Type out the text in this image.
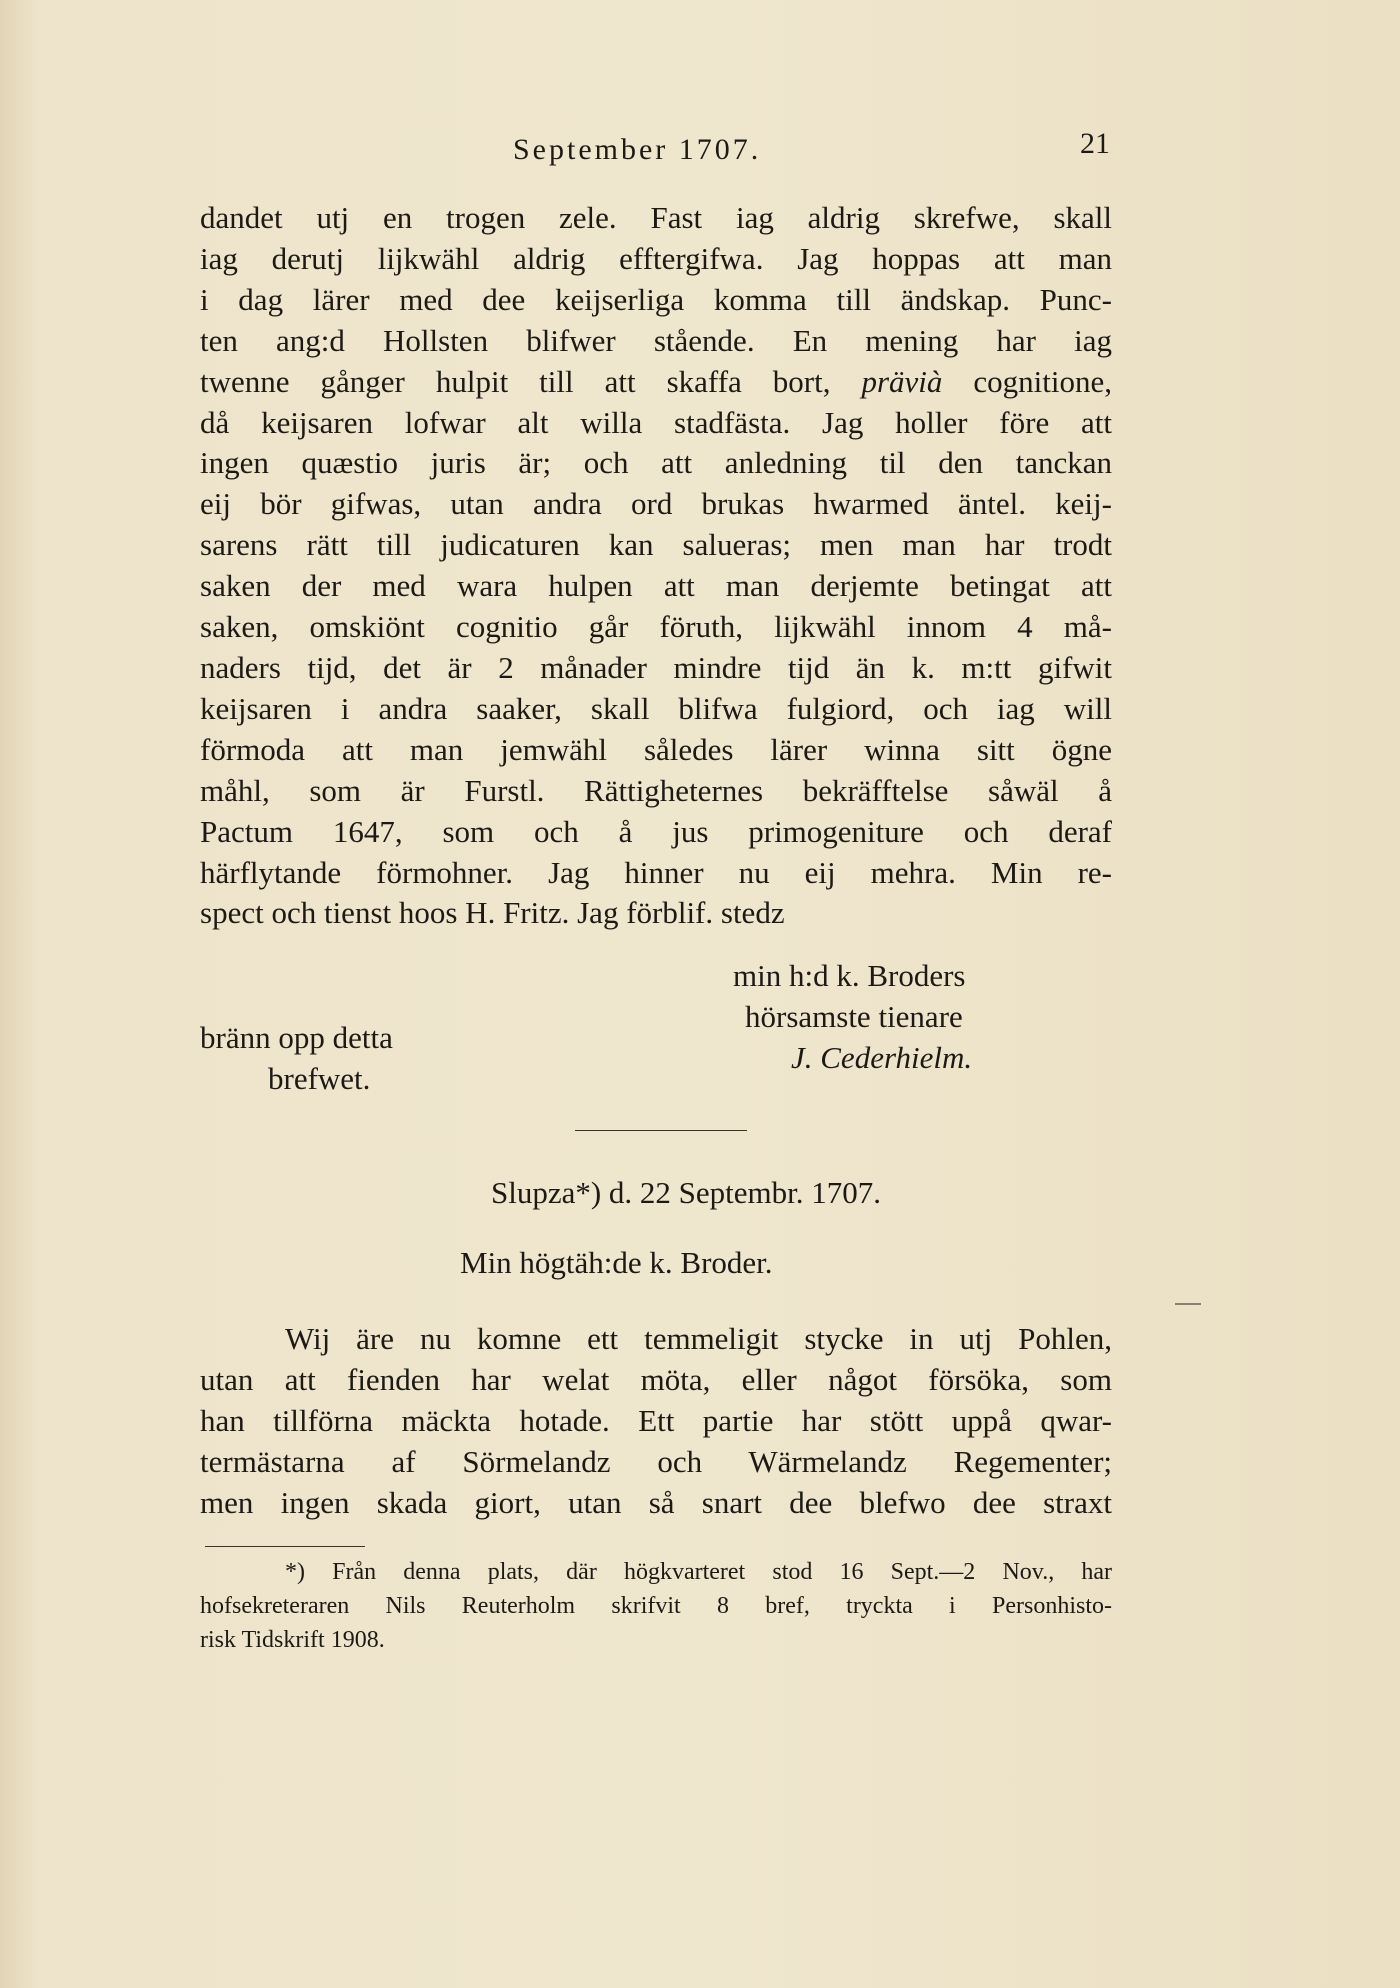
September 1707.	21
dandet utj en trogen zele. Fast iag aldrig skrefwe, skall
iag derutj lijkwähl aldrig efftergifwa. Jag hoppas att man
i dag lärer med dee keijserliga komma till ändskap. Punc-
ten ang:d Hollsten blifwer stående. En mening har iag
twenne gånger hulpit till att skaffa bort, prävià cognitione,
då keijsaren lofwar alt willa stadfästa. Jag holler före att
ingen quæstio juris är; och att anledning til den tanckan
eij bör gifwas, utan andra ord brukas hwarmed äntel. keij-
sarens rätt till judicaturen kan salueras; men man har trodt
saken der med wara hulpen att man derjemte betingat att
saken, omskiönt cognitio går föruth, lijkwähl innom 4 må-
naders tijd, det är 2 månader mindre tijd än k. m:tt gifwit
keijsaren i andra saaker, skall blifwa fulgiord, och iag will
förmoda att man jemwähl således lärer winna sitt ögne
måhl, som är Furstl. Rättigheternes bekräfftelse såwäl å
Pactum 1647, som och å jus primogeniture och deraf
härflytande förmohner. Jag hinner nu eij mehra. Min re-
spect och tienst hoos H. Fritz. Jag förblif. stedz
bränn opp detta
brefwet.
min h:d k. Broders
hörsamste tienare
J. Cederhielm.
Slupza*) d. 22 Septembr. 1707.
Min högtäh:de k. Broder.
Wij äre nu komne ett temmeligit stycke in utj Pohlen,
utan att fienden har welat möta, eller något försöka, som
han tillförna mäckta hotade. Ett partie har stött uppå qwar-
termästarna af Sörmelandz och Wärmelandz Regementer;
men ingen skada giort, utan så snart dee blefwo dee straxt
*) Från denna plats, där högkvarteret stod 16 Sept.—2 Nov., har
hofsekreteraren Nils Reuterholm skrifvit 8 bref, tryckta i Personhisto-
risk Tidskrift 1908.
